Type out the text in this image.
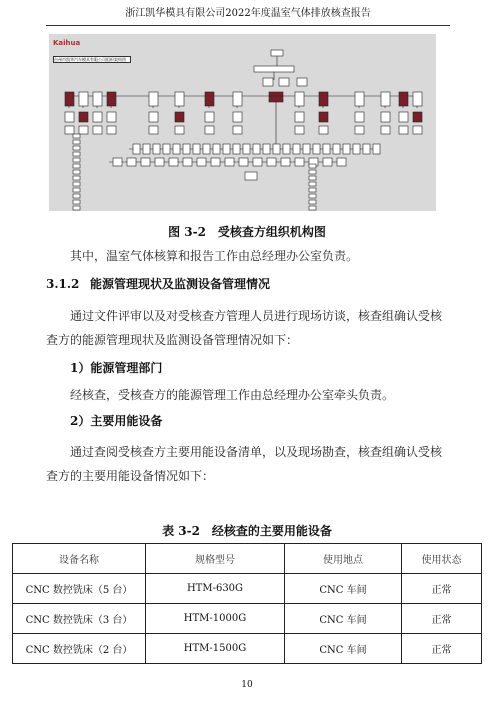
浙江凯华模具有限公司2022年度温室气体排放核查报告
Kaihua
台州市凯华汽车模具有限公司组织架构图
图 3-2　受核查方组织机构图
其中，温室气体核算和报告工作由总经理办公室负责。
3.1.2 能源管理现状及监测设备管理情况
通过文件评审以及对受核查方管理人员进行现场访谈，核查组确认受核查方的能源管理现状及监测设备管理情况如下：
1）能源管理部门
经核查，受核查方的能源管理工作由总经理办公室牵头负责。
2）主要用能设备
通过查阅受核查方主要用能设备清单，以及现场勘查，核查组确认受核查方的主要用能设备情况如下：
表 3-2　经核查的主要用能设备
设备名称	规格型号	使用地点	使用状态
CNC 数控铣床（5 台）	HTM-630G	CNC 车间	正常
CNC 数控铣床（3 台）	HTM-1000G	CNC 车间	正常
CNC 数控铣床（2 台）	HTM-1500G	CNC 车间	正常
10
